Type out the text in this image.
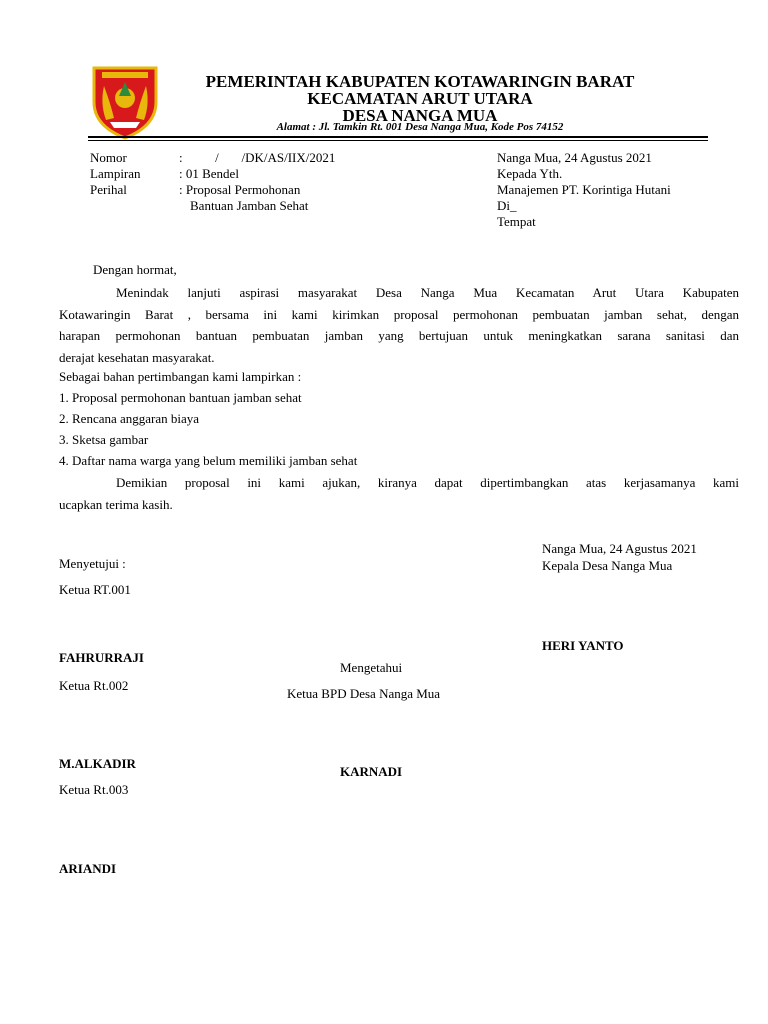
PEMERINTAH KABUPATEN KOTAWARINGIN BARAT
KECAMATAN ARUT UTARA
DESA NANGA MUA
Alamat : Jl. Tamkin Rt. 001 Desa Nanga Mua, Kode Pos 74152
Nomor	:          /       /DK/AS/IIX/2021
Lampiran	: 01 Bendel
Perihal	: Proposal Permohonan
Bantuan Jamban Sehat
Nanga Mua, 24 Agustus 2021
Kepada Yth.
Manajemen PT. Korintiga Hutani
Di_
Tempat
Dengan hormat,
Menindak lanjuti aspirasi masyarakat Desa Nanga Mua Kecamatan Arut Utara Kabupaten
Kotawaringin Barat , bersama ini kami kirimkan proposal permohonan pembuatan jamban sehat, dengan
harapan permohonan bantuan pembuatan jamban yang bertujuan untuk meningkatkan sarana sanitasi dan
derajat kesehatan masyarakat.
Sebagai bahan pertimbangan kami lampirkan :
1. Proposal permohonan bantuan jamban sehat
2. Rencana anggaran biaya
3. Sketsa gambar
4. Daftar nama warga yang belum memiliki jamban sehat
Demikian proposal ini kami ajukan, kiranya dapat dipertimbangkan atas kerjasamanya kami
ucapkan terima kasih.
Nanga Mua, 24 Agustus 2021
Kepala Desa Nanga Mua
HERI YANTO
Menyetujui :
Ketua RT.001
FAHRURRAJI
Ketua Rt.002
M.ALKADIR
Ketua Rt.003
ARIANDI
Mengetahui
Ketua BPD Desa Nanga Mua
KARNADI
